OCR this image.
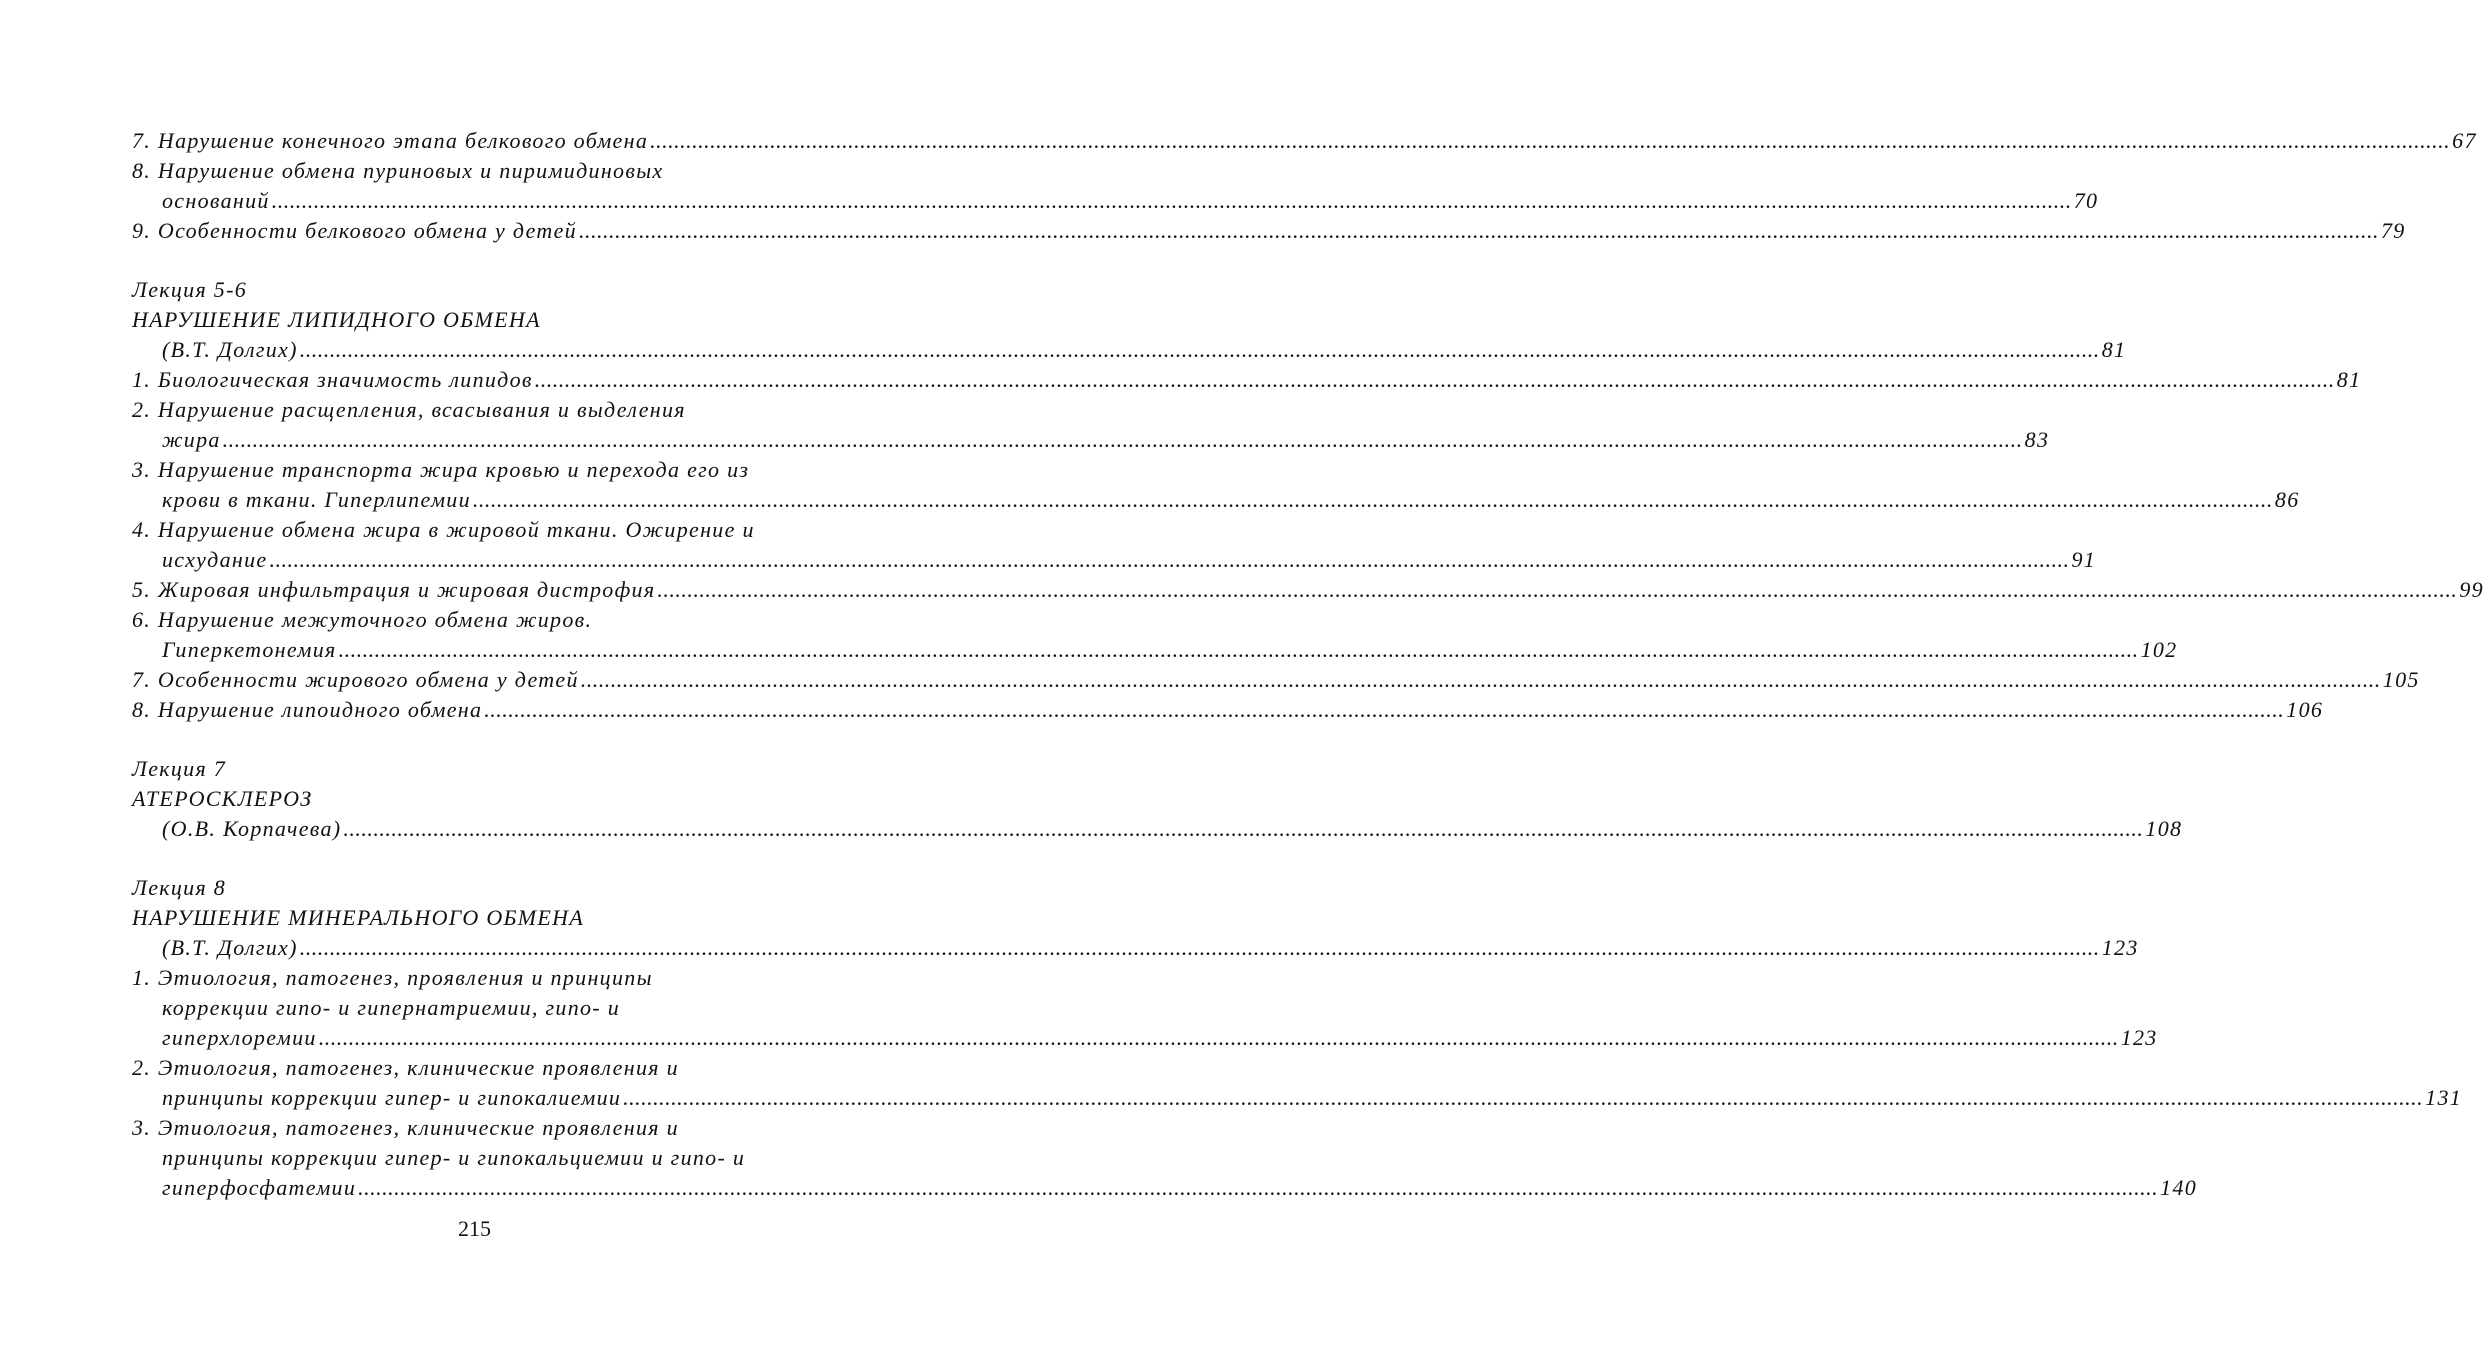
7. Нарушение конечного этапа белкового обмена ............................................................................................................................................................................................................................................................................................................ 67
8. Нарушение обмена пуриновых и пиримидиновых
оснований ............................................................................................................................................................................................................................................................................................................ 70
9. Особенности белкового обмена у детей ............................................................................................................................................................................................................................................................................................................ 79
Лекция 5-6
НАРУШЕНИЕ ЛИПИДНОГО ОБМЕНА
(В.Т. Долгих) ............................................................................................................................................................................................................................................................................................................ 81
1. Биологическая значимость липидов ............................................................................................................................................................................................................................................................................................................ 81
2. Нарушение расщепления, всасывания и выделения
жира ............................................................................................................................................................................................................................................................................................................ 83
3. Нарушение транспорта жира кровью и перехода его из
крови в ткани. Гиперлипемии ............................................................................................................................................................................................................................................................................................................ 86
4. Нарушение обмена жира в жировой ткани. Ожирение и
исхудание ............................................................................................................................................................................................................................................................................................................ 91
5. Жировая инфильтрация и жировая дистрофия ............................................................................................................................................................................................................................................................................................................ 99
6. Нарушение межуточного обмена жиров.
Гиперкетонемия ............................................................................................................................................................................................................................................................................................................ 102
7. Особенности жирового обмена у детей ............................................................................................................................................................................................................................................................................................................ 105
8. Нарушение липоидного обмена ............................................................................................................................................................................................................................................................................................................ 106
Лекция 7
АТЕРОСКЛЕРОЗ
(О.В. Корпачева) ............................................................................................................................................................................................................................................................................................................ 108
Лекция 8
НАРУШЕНИЕ МИНЕРАЛЬНОГО ОБМЕНА
(В.Т. Долгих) ............................................................................................................................................................................................................................................................................................................ 123
1. Этиология, патогенез, проявления и принципы
коррекции гипо- и гипернатриемии, гипо- и
гиперхлоремии ............................................................................................................................................................................................................................................................................................................ 123
2. Этиология, патогенез, клинические проявления и
принципы коррекции гипер- и гипокалиемии ............................................................................................................................................................................................................................................................................................................ 131
3. Этиология, патогенез, клинические проявления и
принципы коррекции гипер- и гипокальциемии и гипо- и
гиперфосфатемии ............................................................................................................................................................................................................................................................................................................ 140
215
